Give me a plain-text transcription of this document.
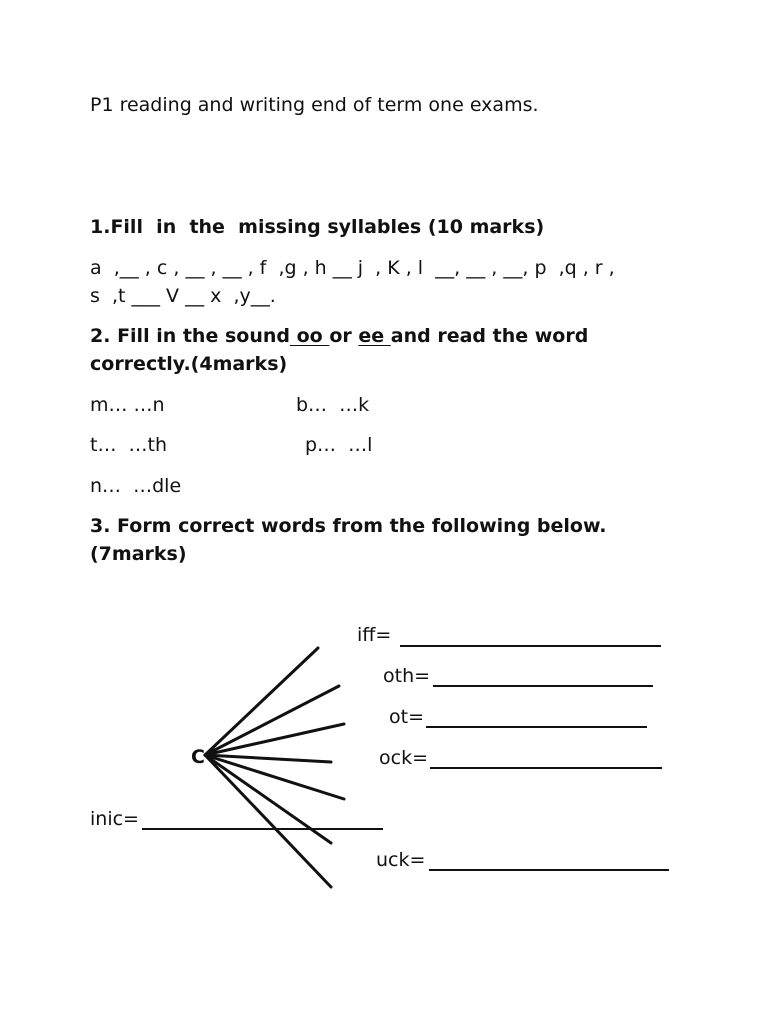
P1 reading and writing end of term one exams.
1.Fill  in  the  missing syllables (10 marks)
a  ,__ , c , __ , __ , f  ,g , h __ j  , K , l  __, __ , __, p  ,q , r ,
s  ,t ___ V __ x  ,y__.
2. Fill in the sound oo or ee and read the word
correctly.(4marks)
m… …n	b…  …k
t…  …th	p…  …l
n…  …dle
3. Form correct words from the following below.
(7marks)
C
iff=
oth=
ot=
ock=
inic=
uck=
